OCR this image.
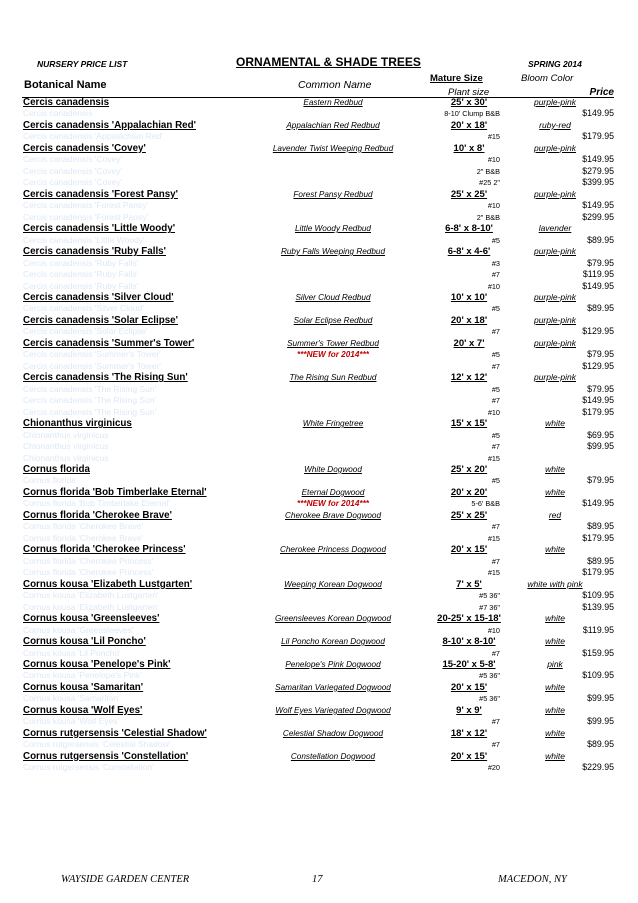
NURSERY PRICE LIST	ORNAMENTAL & SHADE TREES	SPRING 2014
Botanical Name	Common Name
Mature Size	Bloom Color
Plant size	Price
Cercis canadensis	Eastern Redbud	25' x 30'	purple-pink
Cercis canadensis	8-10' Clump B&B	$149.95
Cercis canadensis 'Appalachian Red'	Appalachian Red Redbud	20' x 18'	ruby-red
Cercis canadensis 'Appalachian Red'	#15	$179.95
Cercis canadensis 'Covey'	Lavender Twist Weeping Redbud	10' x 8'	purple-pink
Cercis canadensis 'Covey'	#10	$149.95
Cercis canadensis 'Covey'	2" B&B	$279.95
Cercis canadensis 'Covey'	#25 2"	$399.95
Cercis canadensis 'Forest Pansy'	Forest Pansy Redbud	25' x 25'	purple-pink
Cercis canadensis 'Forest Pansy'	#10	$149.95
Cercis canadensis 'Forest Pansy'	2" B&B	$299.95
Cercis canadensis 'Little Woody'	Little Woody Redbud	6-8' x 8-10'	lavender
Cercis canadensis 'Little Woody'	#5	$89.95
Cercis canadensis 'Ruby Falls'	Ruby Falls Weeping Redbud	6-8' x 4-6'	purple-pink
Cercis canadensis 'Ruby Falls'	#3	$79.95
Cercis canadensis 'Ruby Falls'	#7	$119.95
Cercis canadensis 'Ruby Falls'	#10	$149.95
Cercis canadensis 'Silver Cloud'	Silver Cloud Redbud	10' x 10'	purple-pink
Cercis canadensis 'Silver Cloud'	#5	$89.95
Cercis canadensis 'Solar Eclipse'	Solar Eclipse Redbud	20' x 18'	purple-pink
Cercis canadensis 'Solar Eclipse'	#7	$129.95
Cercis canadensis 'Summer's Tower'	Summer's Tower Redbud	20' x 7'	purple-pink
Cercis canadensis 'Summer's Tower'	***NEW for 2014***	#5	$79.95
Cercis canadensis 'Summer's Tower'	#7	$129.95
Cercis canadensis 'The Rising Sun'	The Rising Sun Redbud	12' x 12'	purple-pink
Cercis canadensis 'The Rising Sun'	#5	$79.95
Cercis canadensis 'The Rising Sun'	#7	$149.95
Cercis canadensis 'The Rising Sun'	#10	$179.95
Chionanthus virginicus	White Fringetree	15' x 15'	white
Chionanthus virginicus	#5	$69.95
Chionanthus virginicus	#7	$99.95
Chionanthus virginicus	#15
Cornus florida	White Dogwood	25' x 20'	white
Cornus florida	#5	$79.95
Cornus florida 'Bob Timberlake Eternal'	Eternal Dogwood	20' x 20'	white
Cornus florida 'Bob Timberlake Eternal'	***NEW for 2014***	5-6' B&B	$149.95
Cornus florida 'Cherokee Brave'	Cherokee Brave Dogwood	25' x 25'	red
Cornus florida 'Cherokee Brave'	#7	$89.95
Cornus florida 'Cherokee Brave'	#15	$179.95
Cornus florida 'Cherokee Princess'	Cherokee Princess Dogwood	20' x 15'	white
Cornus florida 'Cherokee Princess'	#7	$89.95
Cornus florida 'Cherokee Princess'	#15	$179.95
Cornus kousa 'Elizabeth Lustgarten'	Weeping Korean Dogwood	7' x 5'	white with pink
Cornus kousa 'Elizabeth Lustgarten'	#5 36"	$109.95
Cornus kousa 'Elizabeth Lustgarten'	#7 36"	$139.95
Cornus kousa 'Greensleeves'	Greensleeves Korean Dogwood	20-25' x 15-18'	white
Cornus kousa 'Greensleeves'	#10	$119.95
Cornus kousa 'Lil Poncho'	Lil Poncho Korean Dogwood	8-10' x 8-10'	white
Cornus kousa 'Lil Poncho'	#7	$159.95
Cornus kousa 'Penelope's Pink'	Penelope's Pink Dogwood	15-20' x 5-8'	pink
Cornus kousa 'Penelope's Pink'	#5 36"	$109.95
Cornus kousa 'Samaritan'	Samaritan Variegated Dogwood	20' x 15'	white
Cornus kousa 'Samaritan'	#5 36"	$99.95
Cornus kousa 'Wolf Eyes'	Wolf Eyes Variegated Dogwood	9' x 9'	white
Cornus kousa 'Wolf Eyes'	#7	$99.95
Cornus rutgersensis 'Celestial Shadow'	Celestial Shadow Dogwood	18' x 12'	white
Cornus rutgersensis 'Celestial Shadow'	#7	$89.95
Cornus rutgersensis 'Constellation'	Constellation Dogwood	20' x 15'	white
Cornus rutgersensis 'Constellation'	#20	$229.95
WAYSIDE GARDEN CENTER	17	MACEDON, NY
